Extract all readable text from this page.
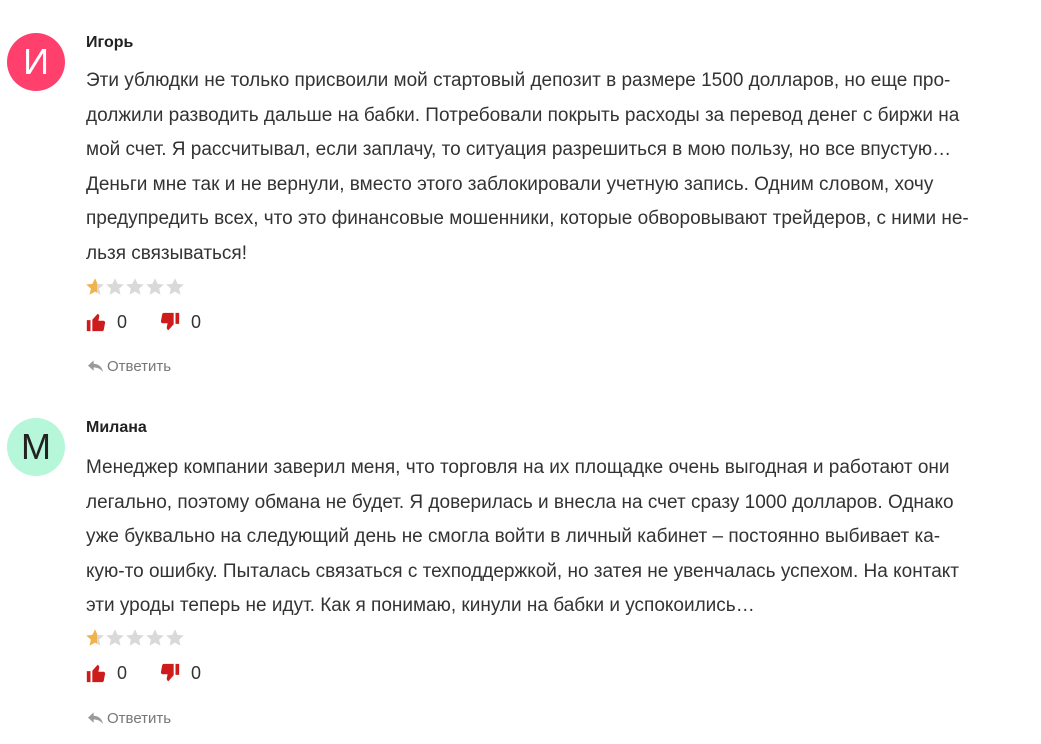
И Игорь

Эти ублюдки не только присвоили мой стартовый депозит в размере 1500 долларов, но еще про-
должили разводить дальше на бабки. Потребовали покрыть расходы за перевод денег с биржи на
мой счет. Я рассчитывал, если заплачу, то ситуация разрешиться в мою пользу, но все впустую…
Деньги мне так и не вернули, вместо этого заблокировали учетную запись. Одним словом, хочу
предупредить всех, что это финансовые мошенники, которые обворовывают трейдеров, с ними не-
льзя связываться!

0	0
Ответить
М Милана

Менеджер компании заверил меня, что торговля на их площадке очень выгодная и работают они
легально, поэтому обмана не будет. Я доверилась и внесла на счет сразу 1000 долларов. Однако
уже буквально на следующий день не смогла войти в личный кабинет – постоянно выбивает ка-
кую-то ошибку. Пыталась связаться с техподдержкой, но затея не увенчалась успехом. На контакт
эти уроды теперь не идут. Как я понимаю, кинули на бабки и успокоились…

0	0
Ответить
